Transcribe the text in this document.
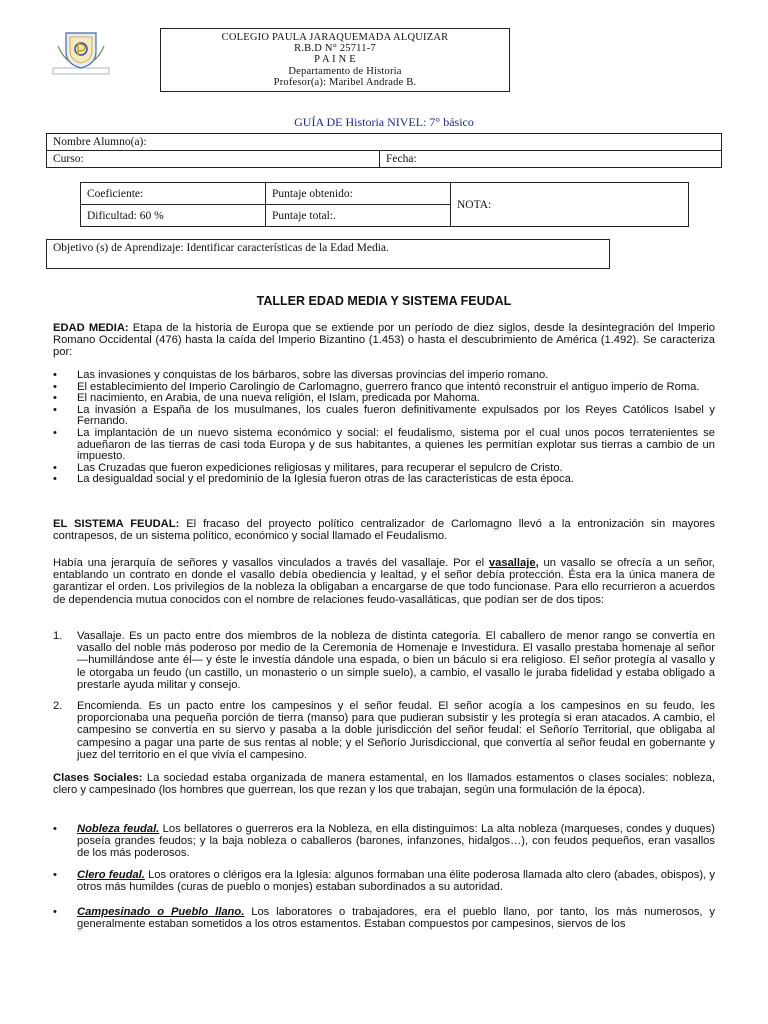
COLEGIO PAULA JARAQUEMADA ALQUIZAR
R.B.D N° 25711-7
P A I N E
Departamento de Historia
Profesor(a): Maribel Andrade B.
GUÍA DE Historia NIVEL: 7° básico
Nombre Alumno(a):
Curso:	Fecha:
Coeficiente:	Puntaje obtenido:	NOTA:
Dificultad: 60 %	Puntaje total:.	
Objetivo (s) de Aprendizaje: Identificar características de la Edad Media.
TALLER EDAD MEDIA Y SISTEMA FEUDAL
EDAD MEDIA: Etapa de la historia de Europa que se extiende por un período de diez siglos, desde la desintegración del Imperio Romano Occidental (476) hasta la caída del Imperio Bizantino (1.453) o hasta el descubrimiento de América (1.492). Se caracteriza por:
• Las invasiones y conquistas de los bárbaros, sobre las diversas provincias del imperio romano.
• El establecimiento del Imperio Carolingio de Carlomagno, guerrero franco que intentó reconstruir el antiguo imperio de Roma.
• El nacimiento, en Arabia, de una nueva religión, el Islam, predicada por Mahoma.
• La invasión a España de los musulmanes, los cuales fueron definitivamente expulsados por los Reyes Católicos Isabel y Fernando.
• La implantación de un nuevo sistema económico y social: el feudalismo, sistema por el cual unos pocos terratenientes se adueñaron de las tierras de casi toda Europa y de sus habitantes, a quienes les permitían explotar sus tierras a cambio de un impuesto.
• Las Cruzadas que fueron expediciones religiosas y militares, para recuperar el sepulcro de Cristo.
• La desigualdad social y el predominio de la Iglesia fueron otras de las características de esta época.
EL SISTEMA FEUDAL: El fracaso del proyecto político centralizador de Carlomagno llevó a la entronización sin mayores contrapesos, de un sistema político, económico y social llamado el Feudalismo.
Había una jerarquía de señores y vasallos vinculados a través del vasallaje. Por el vasallaje, un vasallo se ofrecía a un señor, entablando un contrato en donde el vasallo debía obediencia y lealtad, y el señor debía protección. Ésta era la única manera de garantizar el orden. Los privilegios de la nobleza la obligaban a encargarse de que todo funcionase. Para ello recurrieron a acuerdos de dependencia mutua conocidos con el nombre de relaciones feudo-vasalláticas, que podían ser de dos tipos:
1. Vasallaje. Es un pacto entre dos miembros de la nobleza de distinta categoría. El caballero de menor rango se convertía en vasallo del noble más poderoso por medio de la Ceremonia de Homenaje e Investidura. El vasallo prestaba homenaje al señor —humillándose ante él— y éste le investía dándole una espada, o bien un báculo si era religioso. El señor protegía al vasallo y le otorgaba un feudo (un castillo, un monasterio o un simple suelo), a cambio, el vasallo le juraba fidelidad y estaba obligado a prestarle ayuda militar y consejo.
2. Encomienda. Es un pacto entre los campesinos y el señor feudal. El señor acogía a los campesinos en su feudo, les proporcionaba una pequeña porción de tierra (manso) para que pudieran subsistir y les protegía si eran atacados. A cambio, el campesino se convertía en su siervo y pasaba a la doble jurisdicción del señor feudal: el Señorío Territorial, que obligaba al campesino a pagar una parte de sus rentas al noble; y el Señorío Jurisdiccional, que convertía al señor feudal en gobernante y juez del territorio en el que vivía el campesino.
Clases Sociales: La sociedad estaba organizada de manera estamental, en los llamados estamentos o clases sociales: nobleza, clero y campesinado (los hombres que guerrean, los que rezan y los que trabajan, según una formulación de la época).
• Nobleza feudal. Los bellatores o guerreros era la Nobleza, en ella distinguimos: La alta nobleza (marqueses, condes y duques) poseía grandes feudos; y la baja nobleza o caballeros (barones, infanzones, hidalgos…), con feudos pequeños, eran vasallos de los más poderosos.
• Clero feudal. Los oratores o clérigos era la Iglesia: algunos formaban una élite poderosa llamada alto clero (abades, obispos), y otros más humildes (curas de pueblo o monjes) estaban subordinados a su autoridad.
• Campesinado o Pueblo llano. Los laboratores o trabajadores, era el pueblo llano, por tanto, los más numerosos, y generalmente estaban sometidos a los otros estamentos. Estaban compuestos por campesinos, siervos de los
